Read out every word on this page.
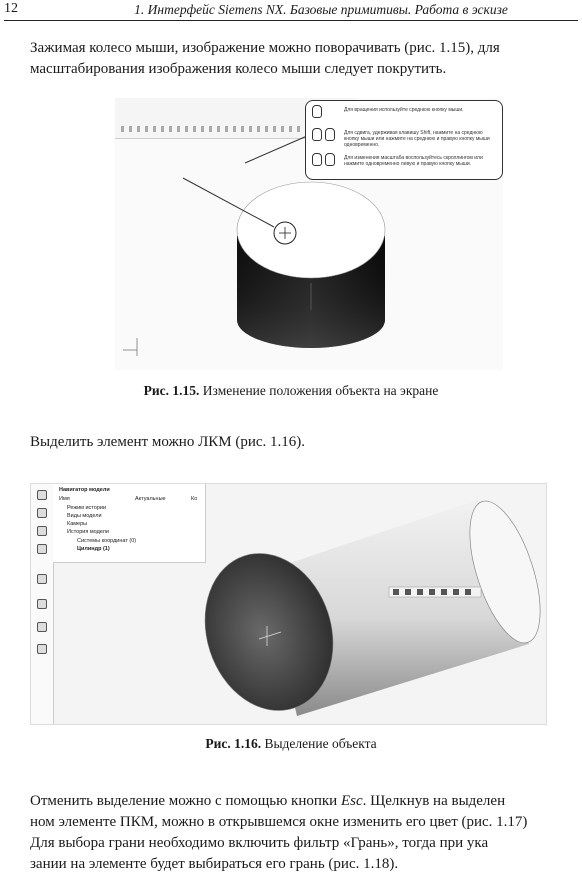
12	1. Интерфейс Siemens NX. Базовые примитивы. Работа в эскизе
Зажимая колесо мыши, изображение можно поворачивать (рис. 1.15), для
масштабирования изображения колесо мыши следует покрутить.
Для вращения используйте среднюю кнопку мыши.
Для сдвига, удерживая клавишу Shift, нажмите на среднюю кнопку мыши или нажмите на среднюю и правую кнопку мыши одновременно.
Для изменения масштаба воспользуйтесь скроллингом или нажмите одновременно левую и правую кнопку мыши.
Рис. 1.15. Изменение положения объекта на экране
Выделить элемент можно ЛКМ (рис. 1.16).
Навигатор модели
Имя	Актуальные	Ко
Режим истории
Виды модели
Камеры
История модели
Системы координат (0)
Цилиндр (1)
Рис. 1.16. Выделение объекта
Отменить выделение можно с помощью кнопки Esc. Щелкнув на выделен
ном элементе ПКМ, можно в открывшемся окне изменить его цвет (рис. 1.17)
Для выбора грани необходимо включить фильтр «Грань», тогда при ука
зании на элементе будет выбираться его грань (рис. 1.18).
